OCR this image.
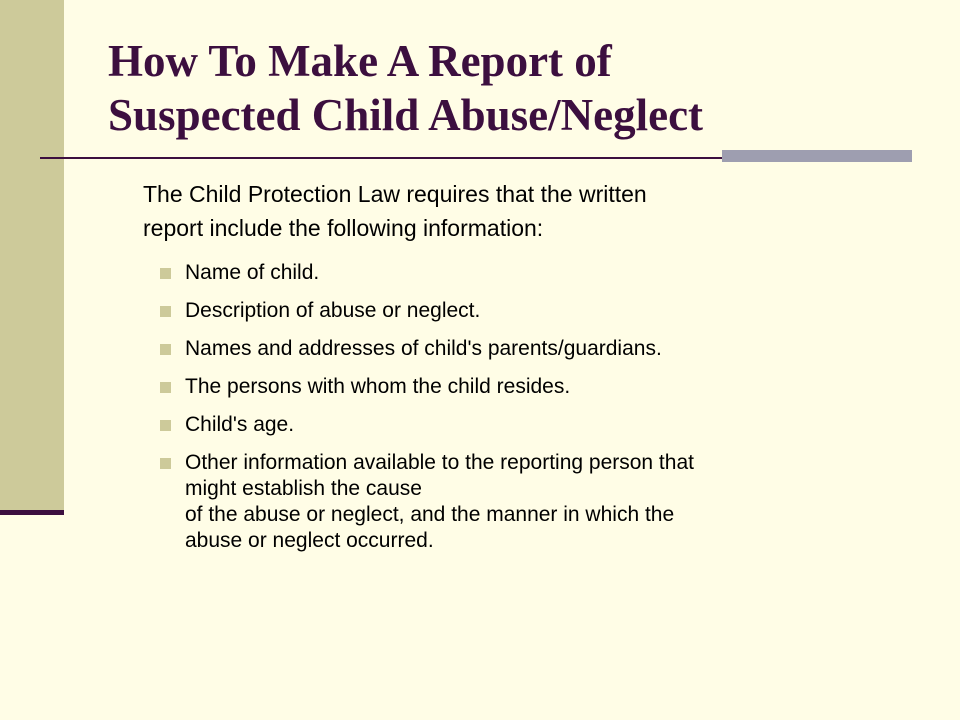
How To Make A Report of
Suspected Child Abuse/Neglect

The Child Protection Law requires that the written
report include the following information:

Name of child.
Description of abuse or neglect.
Names and addresses of child's parents/guardians.
The persons with whom the child resides.
Child's age.
Other information available to the reporting person that
might establish the cause
of the abuse or neglect, and the manner in which the
abuse or neglect occurred.
